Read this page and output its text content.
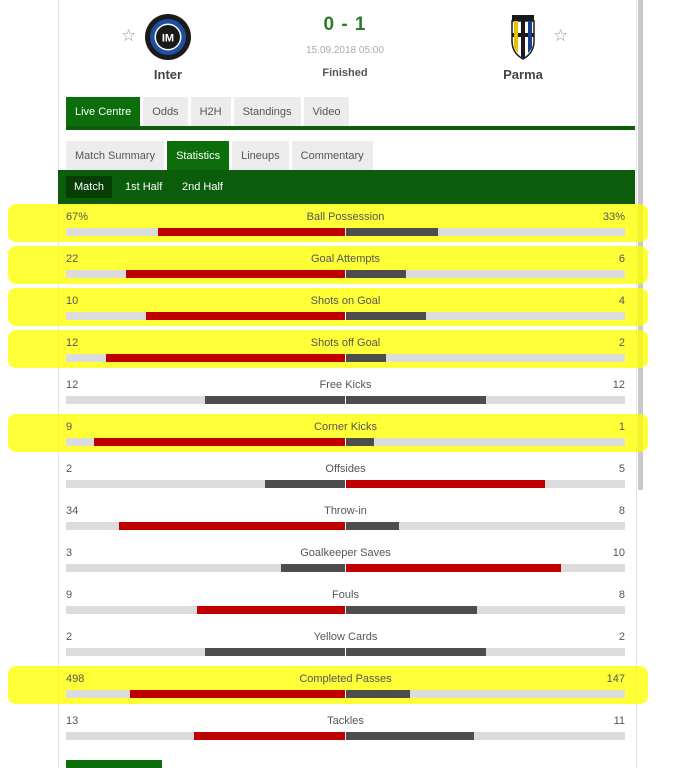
☆ IM
Inter
0 - 1
15.09.2018 05:00
Finished	Parma
☆
Live Centre	Odds	H2H	Standings	Video
Match Summary	Statistics	Lineups	Commentary
Match	1st Half	2nd Half
67%	Ball Possession	33%
22	Goal Attempts	6
10	Shots on Goal	4
12	Shots off Goal	2
12	Free Kicks	12
9	Corner Kicks	1
2	Offsides	5
34	Throw-in	8
3	Goalkeeper Saves	10
9	Fouls	8
2	Yellow Cards	2
498	Completed Passes	147
13	Tackles	11
